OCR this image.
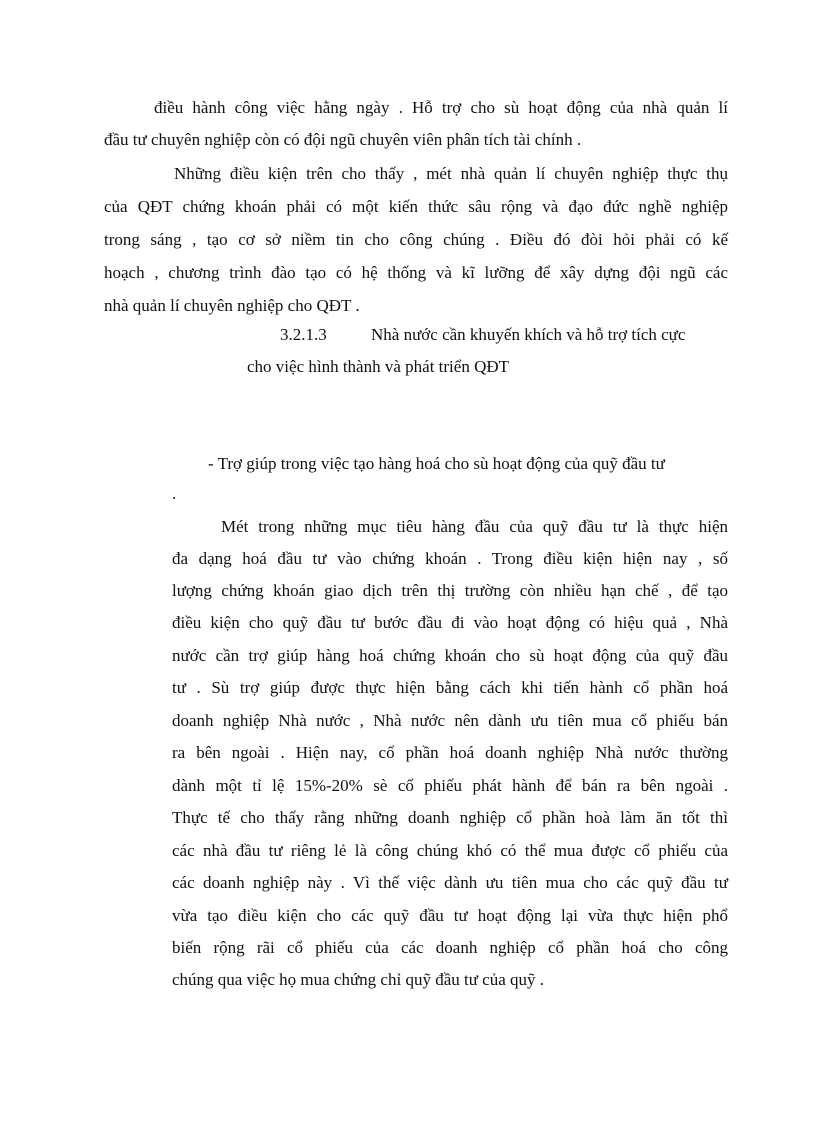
điều hành công việc hằng ngày . Hỗ trợ cho sù hoạt động của nhà quản lí
đầu tư chuyên nghiệp còn có đội ngũ chuyên viên phân tích tài chính .
Những điều kiện trên cho thấy , mét nhà quản lí chuyên nghiệp thực thụ
của QĐT chứng khoán phải có một kiến thức sâu rộng và đạo đức nghề nghiệp
trong sáng , tạo cơ sở niềm tin cho công chúng . Điều đó đòi hỏi phải có kế
hoạch , chương trình đào tạo có hệ thống và kĩ lưỡng để xây dựng đội ngũ các
nhà quản lí chuyên nghiệp cho QĐT .
3.2.1.3	Nhà nước cần khuyến khích và hỗ trợ tích cực
cho việc hình thành và phát triển QĐT
- Trợ giúp trong việc tạo hàng hoá cho sù hoạt động của quỹ đầu tư
.
Mét trong những mục tiêu hàng đầu của quỹ đầu tư là thực hiện
đa dạng hoá đầu tư vào chứng khoán . Trong điều kiện hiện nay , số
lượng chứng khoán giao dịch trên thị trường còn nhiều hạn chế , để tạo
điều kiện cho quỹ đầu tư bước đầu đi vào hoạt động có hiệu quả , Nhà
nước cần trợ giúp hàng hoá chứng khoán cho sù hoạt động của quỹ đầu
tư . Sù trợ giúp được thực hiện bằng cách khi tiến hành cổ phần hoá
doanh nghiệp Nhà nước , Nhà nước nên dành ưu tiên mua cổ phiếu bán
ra bên ngoài . Hiện nay, cổ phần hoá doanh nghiệp Nhà nước thường
dành một tỉ lệ 15%-20% sè cổ phiếu phát hành để bán ra bên ngoài .
Thực tế cho thấy rằng những doanh nghiệp cổ phần hoà làm ăn tốt thì
các nhà đầu tư riêng lẻ là công chúng khó có thể mua được cổ phiếu của
các doanh nghiệp này . Vì thế việc dành ưu tiên mua cho các quỹ đầu tư
vừa tạo điều kiện cho các quỹ đầu tư hoạt động lại vừa thực hiện phổ
biến rộng rãi cổ phiếu của các doanh nghiệp cổ phần hoá cho công
chúng qua việc họ mua chứng chỉ quỹ đầu tư của quỹ .
